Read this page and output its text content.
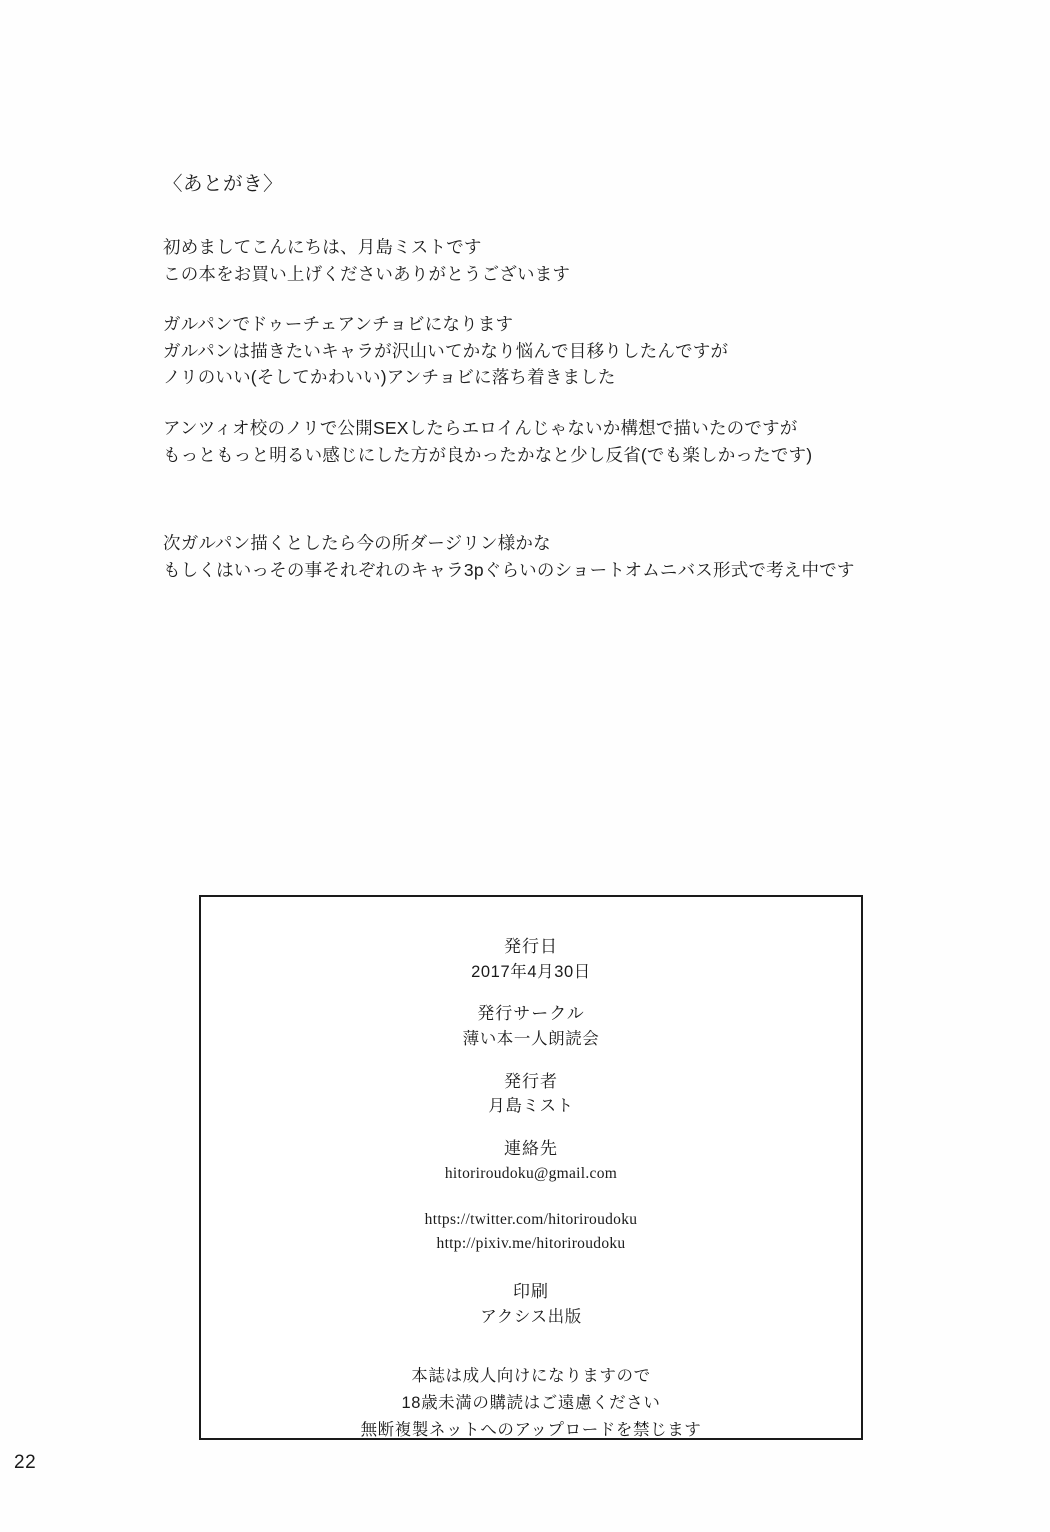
〈あとがき〉
初めましてこんにちは、月島ミストです
この本をお買い上げくださいありがとうございます
ガルパンでドゥーチェアンチョビになります
ガルパンは描きたいキャラが沢山いてかなり悩んで目移りしたんですが
ノリのいい(そしてかわいい)アンチョビに落ち着きました
アンツィオ校のノリで公開SEXしたらエロイんじゃないか構想で描いたのですが
もっともっと明るい感じにした方が良かったかなと少し反省(でも楽しかったです)
次ガルパン描くとしたら今の所ダージリン様かな
もしくはいっその事それぞれのキャラ3pぐらいのショートオムニバス形式で考え中です
発行日
2017年4月30日
発行サークル
薄い本一人朗読会
発行者
月島ミスト
連絡先
hitoriroudoku@gmail.com
https://twitter.com/hitoriroudoku
http://pixiv.me/hitoriroudoku
印刷
アクシス出版
本誌は成人向けになりますので
18歳未満の購読はご遠慮ください
無断複製ネットへのアップロードを禁じます
22
